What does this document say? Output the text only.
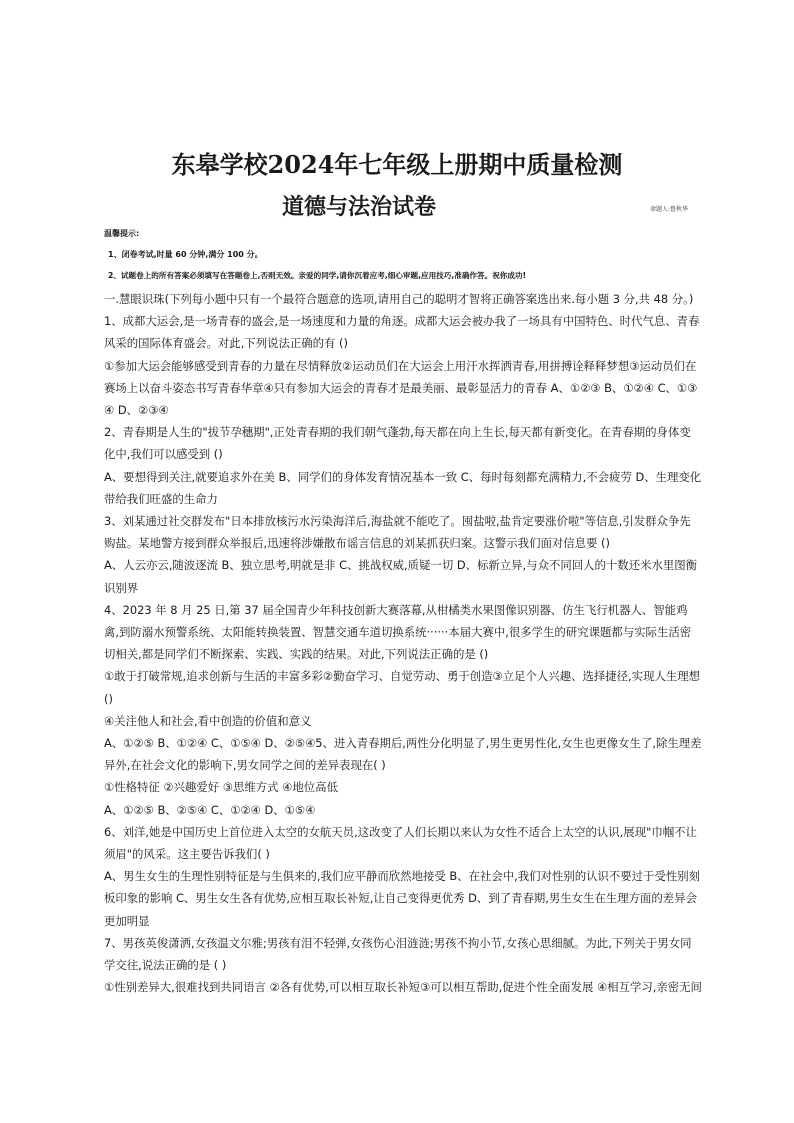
东皋学校2024年七年级上册期中质量检测
道德与法治试卷	命题人:鲁秋华
温馨提示:
1、闭卷考试,时量 60 分钟,满分 100 分。
2、试题卷上的所有答案必须填写在答题卷上,否则无效。亲爱的同学,请你沉着应考,细心审题,应用技巧,准确作答。祝你成功!

一.慧眼识珠(下列每小题中只有一个最符合题意的选项,请用自己的聪明才智将正确答案选出来.每小题 3 分,共 48 分。)

1、成都大运会,是一场青春的盛会,是一场速度和力量的角逐。成都大运会被办我了一场具有中国特色、时代气息、青春风采的国际体育盛会。对此,下列说法正确的有 ()

①参加大运会能够感受到青春的力量在尽情释放②运动员们在大运会上用汗水挥洒青春,用拼搏诠释释梦想③运动员们在赛场上以奋斗姿态书写青春华章④只有参加大运会的青春才是最美丽、最彰显活力的青春 A、①②③ B、①②④ C、①③④ D、②③④

2、青春期是人生的"拔节孕穗期",正处青春期的我们朝气蓬勃,每天都在向上生长,每天都有新变化。在青春期的身体变化中,我们可以感受到 ()

A、要想得到关注,就要追求外在美 B、同学们的身体发育情况基本一致 C、每时每刻都充满精力,不会疲劳 D、生理变化带给我们旺盛的生命力

3、刘某通过社交群发布"日本排放核污水污染海洋后,海盐就不能吃了。囤盐啦,盐肯定要涨价啦"等信息,引发群众争先购盐。某地警方接到群众举报后,迅速将涉嫌散布谣言信息的刘某抓获归案。这警示我们面对信息要 ()

A、人云亦云,随波逐流 B、独立思考,明就是非 C、挑战权威,质疑一切 D、标新立异,与众不同回人的十数还米水里图衡识别界

4、2023 年 8 月 25 日,第 37 届全国青少年科技创新大赛落幕,从柑橘类水果图像识别器、仿生飞行机器人、智能鸡禽,到防溺水预警系统、太阳能转换装置、智慧交通车道切换系统······本届大赛中,很多学生的研究课题都与实际生活密切相关,都是同学们不断探索、实践、实践的结果。对此,下列说法正确的是 ()

①敢于打破常规,追求创新与生活的丰富多彩②勤奋学习、自觉劳动、勇于创造③立足个人兴趣、选择捷径,实现人生理想 ()

④关注他人和社会,看中创造的价值和意义

A、①②⑤ B、①②④ C、①⑤④ D、②⑤④5、进入青春期后,两性分化明显了,男生更男性化,女生也更像女生了,除生理差异外,在社会文化的影响下,男女同学之间的差异表现在( )

①性格特征 ②兴趣爱好 ③思维方式 ④地位高低

A、①②⑤ B、②⑤④ C、①②④ D、①⑤④

6、刘洋,她是中国历史上首位进入太空的女航天员,这改变了人们长期以来认为女性不适合上太空的认识,展现"巾帼不让须眉"的风采。这主要告诉我们( )

A、男生女生的生理性别特征是与生俱来的,我们应平静而欣然地接受 B、在社会中,我们对性别的认识不要过于受性别刻板印象的影响 C、男生女生各有优势,应相互取长补短,让自己变得更优秀 D、到了青春期,男生女生在生理方面的差异会更加明显

7、男孩英俊潇洒,女孩温文尔雅;男孩有泪不轻弹,女孩伤心泪涟涟;男孩不拘小节,女孩心思细腻。为此,下列关于男女同学交往,说法正确的是 ( )

①性别差异大,很难找到共同语言 ②各有优势,可以相互取长补短③可以相互帮助,促进个性全面发展 ④相互学习,亲密无间
